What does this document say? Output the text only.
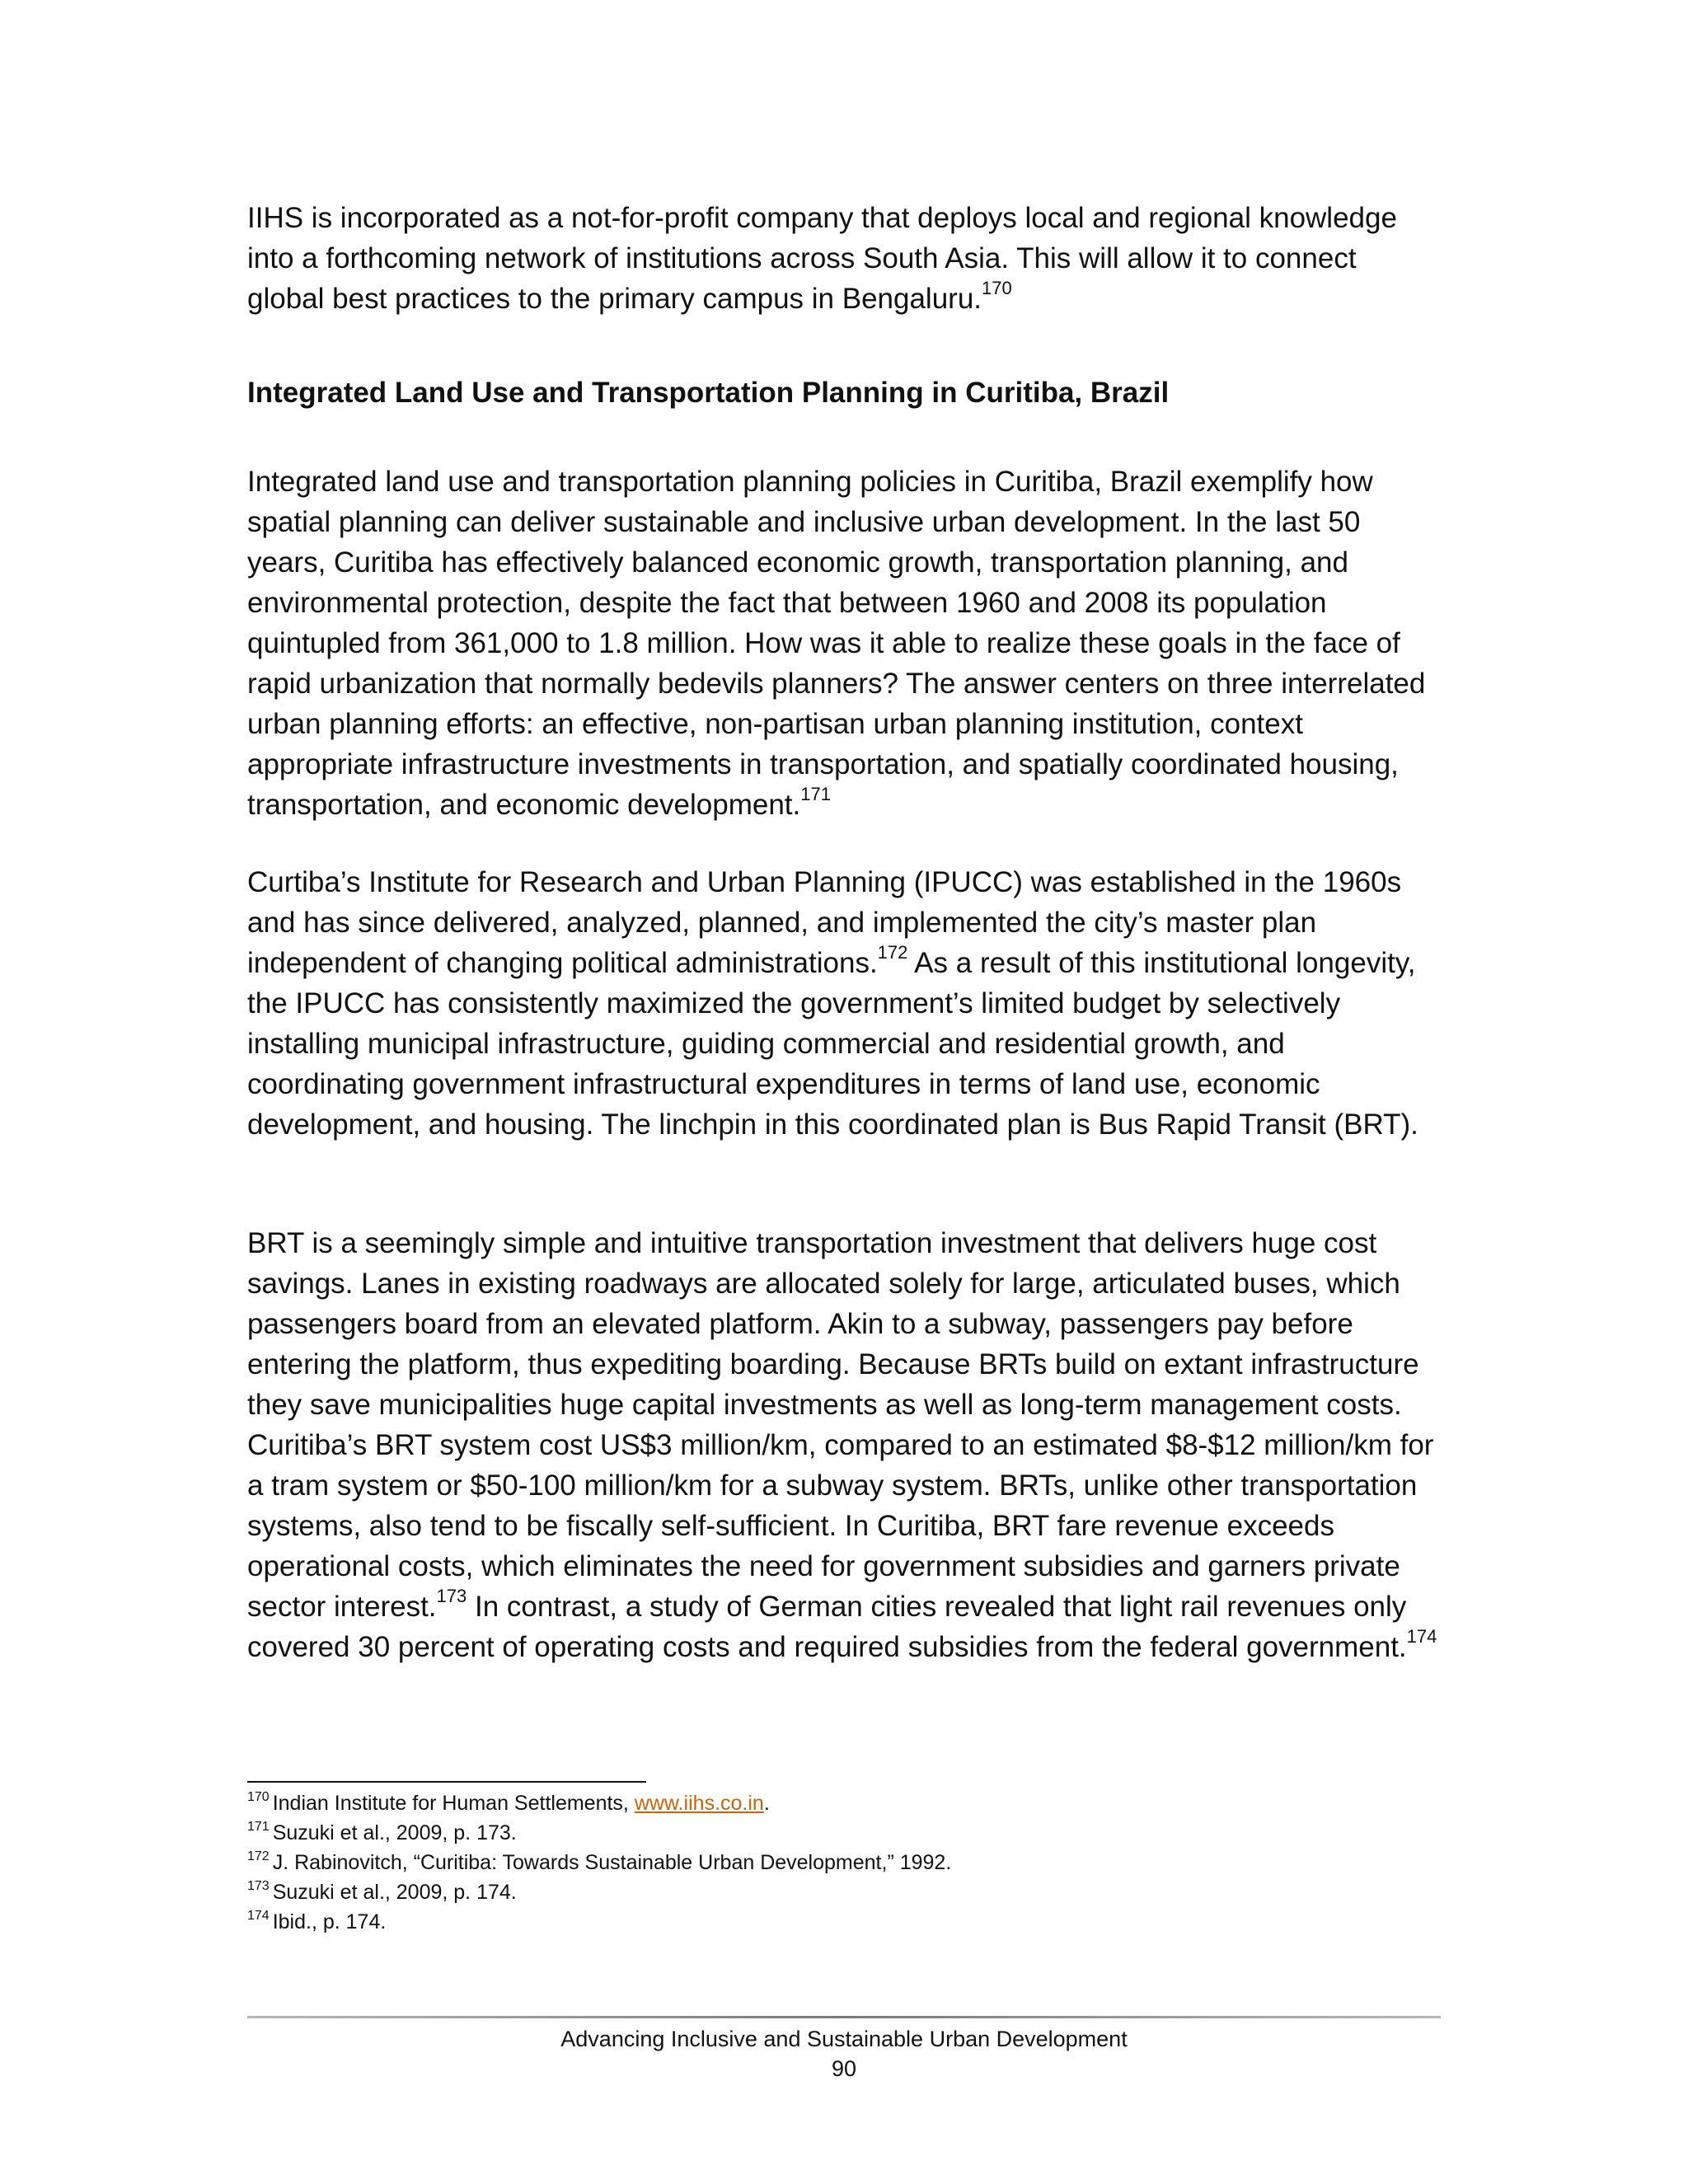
IIHS is incorporated as a not-for-profit company that deploys local and regional knowledge into a forthcoming network of institutions across South Asia. This will allow it to connect global best practices to the primary campus in Bengaluru.$^{170}$

Integrated Land Use and Transportation Planning in Curitiba, Brazil

Integrated land use and transportation planning policies in Curitiba, Brazil exemplify how spatial planning can deliver sustainable and inclusive urban development. In the last 50 years, Curitiba has effectively balanced economic growth, transportation planning, and environmental protection, despite the fact that between 1960 and 2008 its population quintupled from 361,000 to 1.8 million. How was it able to realize these goals in the face of rapid urbanization that normally bedevils planners? The answer centers on three interrelated urban planning efforts: an effective, non-partisan urban planning institution, context appropriate infrastructure investments in transportation, and spatially coordinated housing, transportation, and economic development.$^{171}$

Curtiba’s Institute for Research and Urban Planning (IPUCC) was established in the 1960s and has since delivered, analyzed, planned, and implemented the city’s master plan independent of changing political administrations.$^{172}$ As a result of this institutional longevity, the IPUCC has consistently maximized the government’s limited budget by selectively installing municipal infrastructure, guiding commercial and residential growth, and coordinating government infrastructural expenditures in terms of land use, economic development, and housing. The linchpin in this coordinated plan is Bus Rapid Transit (BRT).

BRT is a seemingly simple and intuitive transportation investment that delivers huge cost savings. Lanes in existing roadways are allocated solely for large, articulated buses, which passengers board from an elevated platform. Akin to a subway, passengers pay before entering the platform, thus expediting boarding. Because BRTs build on extant infrastructure they save municipalities huge capital investments as well as long-term management costs. Curitiba’s BRT system cost US$3 million/km, compared to an estimated $8-$12 million/km for a tram system or $50-100 million/km for a subway system. BRTs, unlike other transportation systems, also tend to be fiscally self-sufficient. In Curitiba, BRT fare revenue exceeds operational costs, which eliminates the need for government subsidies and garners private sector interest.$^{173}$ In contrast, a study of German cities revealed that light rail revenues only covered 30 percent of operating costs and required subsidies from the federal government.$^{174}$

$^{170}$ Indian Institute for Human Settlements, www.iihs.co.in.
$^{171}$ Suzuki et al., 2009, p. 173.
$^{172}$ J. Rabinovitch, “Curitiba: Towards Sustainable Urban Development,” 1992.
$^{173}$ Suzuki et al., 2009, p. 174.
$^{174}$ Ibid., p. 174.

Advancing Inclusive and Sustainable Urban Development

90
